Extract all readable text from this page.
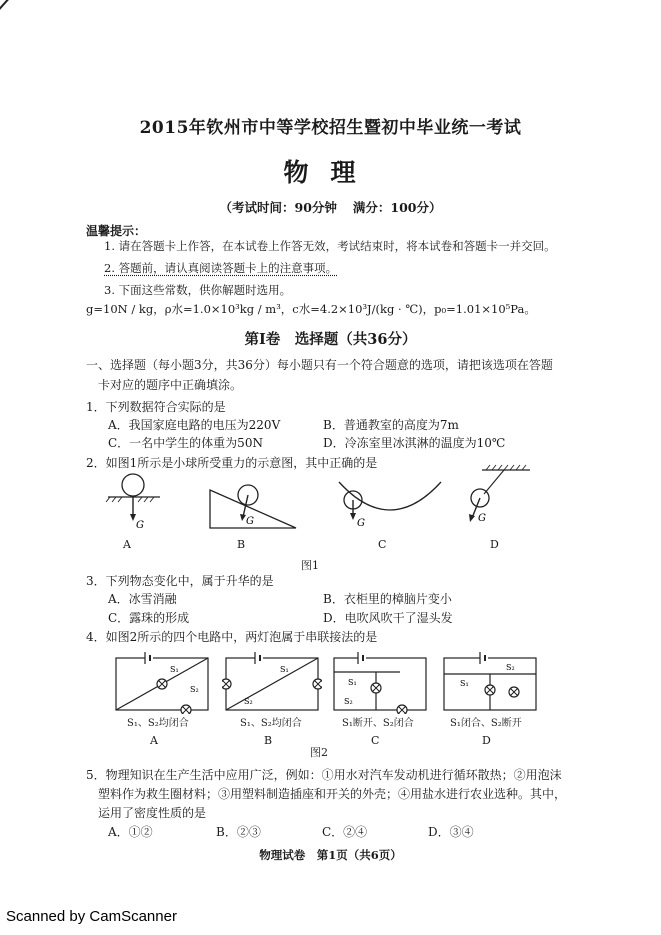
2015年钦州市中等学校招生暨初中毕业统一考试
物理
（考试时间：90分钟 满分：100分）
温馨提示：
1. 请在答题卡上作答，在本试卷上作答无效，考试结束时，将本试卷和答题卡一并交回。
2. 答题前，请认真阅读答题卡上的注意事项。
3. 下面这些常数，供你解题时选用。
g=10N / kg，ρ水=1.0×10³kg / m³，c水=4.2×10³J/(kg · ℃)，p₀=1.01×10⁵Pa。
第Ⅰ卷　选择题（共36分）
一、选择题（每小题3分，共36分）每小题只有一个符合题意的选项，请把该选项在答题
卡对应的题序中正确填涂。
1．下列数据符合实际的是
A．我国家庭电路的电压为220V	B．普通教室的高度为7m
C．一名中学生的体重为50N	D．冷冻室里冰淇淋的温度为10℃
2．如图1所示是小球所受重力的示意图，其中正确的是
G
A
G
B
G
C
G
D
图1
3．下列物态变化中，属于升华的是
A．冰雪消融	B．衣柜里的樟脑片变小
C．露珠的形成	D．电吹风吹干了湿头发
4．如图2所示的四个电路中，两灯泡属于串联接法的是
S₁
S₂
S₁、S₂均闭合
A
S₁
S₂
S₁、S₂均闭合
B
S₁
S₂
S₁断开、S₂闭合
C
S₁
S₂
S₁闭合、S₂断开
D
图2
5．物理知识在生产生活中应用广泛，例如：①用水对汽车发动机进行循环散热；②用泡沫
塑料作为救生圈材料；③用塑料制造插座和开关的外壳；④用盐水进行农业选种。其中，
运用了密度性质的是
A．①②	B．②③	C．②④	D．③④
物理试卷　第1页（共6页）
Scanned by CamScanner
